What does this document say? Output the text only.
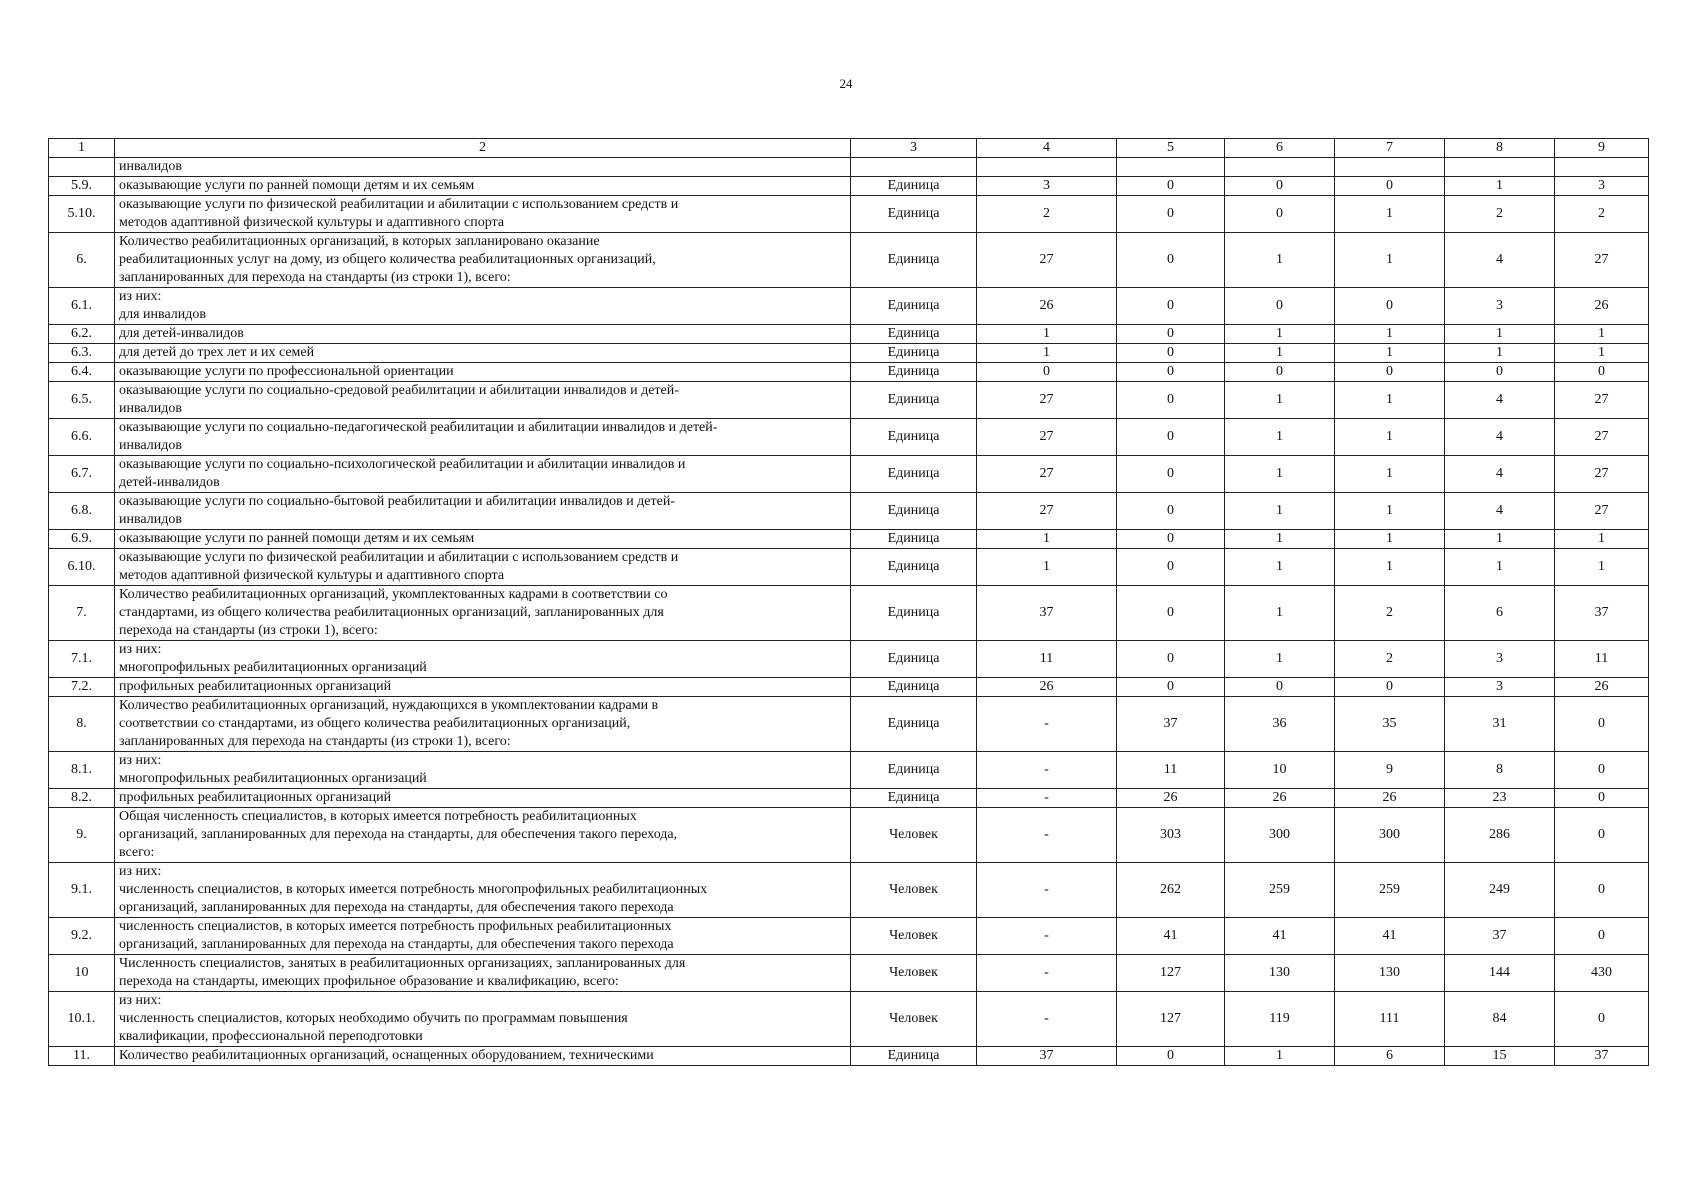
24
1	2	3	4	5	6	7	8	9

	инвалидов							

5.9.	оказывающие услуги по ранней помощи детям и их семьям	Единица	3	0	0	0	1	3
5.10.	оказывающие услуги по физической реабилитации и абилитации с использованием средств и
методов адаптивной физической культуры и адаптивного спорта	Единица	2	0	0	1	2	2
6.	Количество реабилитационных организаций, в которых запланировано оказание
реабилитационных услуг на дому, из общего количества реабилитационных организаций,
запланированных для перехода на стандарты (из строки 1), всего:	Единица	27	0	1	1	4	27
6.1.	из них:
для инвалидов	Единица	26	0	0	0	3	26
6.2.	для детей-инвалидов	Единица	1	0	1	1	1	1
6.3.	для детей до трех лет и их семей	Единица	1	0	1	1	1	1
6.4.	оказывающие услуги по профессиональной ориентации	Единица	0	0	0	0	0	0
6.5.	оказывающие услуги по социально-средовой реабилитации и абилитации инвалидов и детей-
инвалидов	Единица	27	0	1	1	4	27
6.6.	оказывающие услуги по социально-педагогической реабилитации и абилитации инвалидов и детей-
инвалидов	Единица	27	0	1	1	4	27
6.7.	оказывающие услуги по социально-психологической реабилитации и абилитации инвалидов и
детей-инвалидов	Единица	27	0	1	1	4	27
6.8.	оказывающие услуги по социально-бытовой реабилитации и абилитации инвалидов и детей-
инвалидов	Единица	27	0	1	1	4	27
6.9.	оказывающие услуги по ранней помощи детям и их семьям	Единица	1	0	1	1	1	1
6.10.	оказывающие услуги по физической реабилитации и абилитации с использованием средств и
методов адаптивной физической культуры и адаптивного спорта	Единица	1	0	1	1	1	1
7.	Количество реабилитационных организаций, укомплектованных кадрами в соответствии со
стандартами, из общего количества реабилитационных организаций, запланированных для
перехода на стандарты (из строки 1), всего:	Единица	37	0	1	2	6	37
7.1.	из них:
многопрофильных реабилитационных организаций	Единица	11	0	1	2	3	11
7.2.	профильных реабилитационных организаций	Единица	26	0	0	0	3	26
8.	Количество реабилитационных организаций, нуждающихся в укомплектовании кадрами в
соответствии со стандартами, из общего количества реабилитационных организаций,
запланированных для перехода на стандарты (из строки 1), всего:	Единица	-	37	36	35	31	0
8.1.	из них:
многопрофильных реабилитационных организаций	Единица	-	11	10	9	8	0
8.2.	профильных реабилитационных организаций	Единица	-	26	26	26	23	0
9.	Общая численность специалистов, в которых имеется потребность реабилитационных
организаций, запланированных для перехода на стандарты, для обеспечения такого перехода,
всего:	Человек	-	303	300	300	286	0
9.1.	из них:
численность специалистов, в которых имеется потребность многопрофильных реабилитационных
организаций, запланированных для перехода на стандарты, для обеспечения такого перехода	Человек	-	262	259	259	249	0
9.2.	численность специалистов, в которых имеется потребность профильных реабилитационных
организаций, запланированных для перехода на стандарты, для обеспечения такого перехода	Человек	-	41	41	41	37	0
10	Численность специалистов, занятых в реабилитационных организациях, запланированных для
перехода на стандарты, имеющих профильное образование и квалификацию, всего:	Человек	-	127	130	130	144	430
10.1.	из них:
численность специалистов, которых необходимо обучить по программам повышения
квалификации, профессиональной переподготовки	Человек	-	127	119	111	84	0
11.	Количество реабилитационных организаций, оснащенных оборудованием, техническими	Единица	37	0	1	6	15	37
